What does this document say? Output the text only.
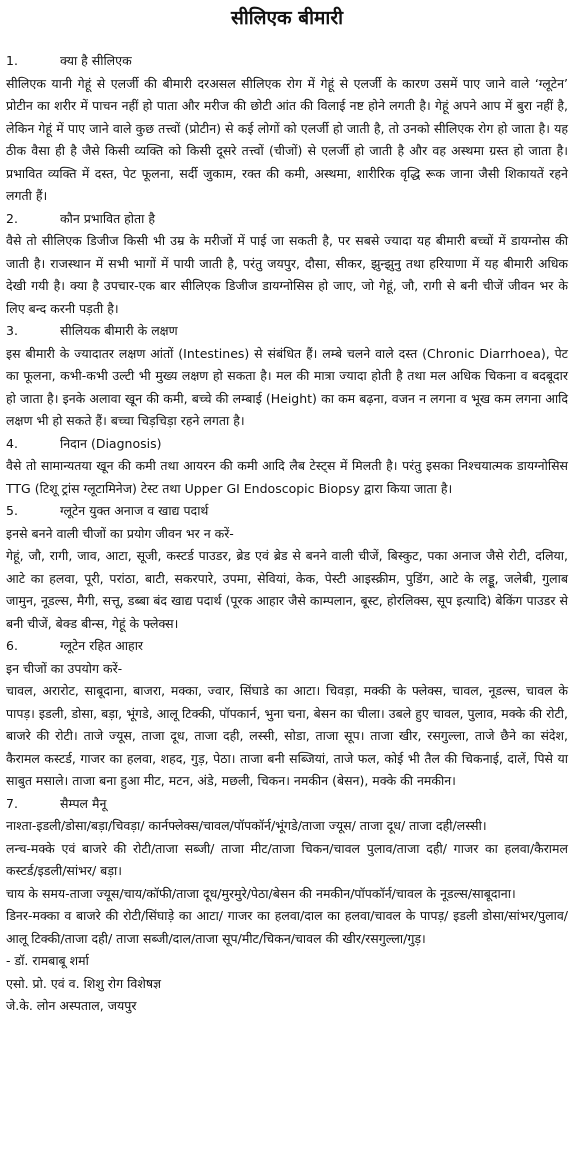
सीलिएक बीमारी
1.	क्या है सीलिएक

सीलिएक यानी गेहूं से एलर्जी की बीमारी दरअसल सीलिएक रोग में गेहूं से एलर्जी के कारण उसमें पाए जाने वाले ‘ग्लूटेन’ प्रोटीन का शरीर में पाचन नहीं हो पाता और मरीज की छोटी आंत की विलाई नष्ट होने लगती है। गेहूं अपने आप में बुरा नहीं है, लेकिन गेहूं में पाए जाने वाले कुछ तत्त्वों (प्रोटीन) से कई लोगों को एलर्जी हो जाती है, तो उनको सीलिएक रोग हो जाता है। यह ठीक वैसा ही है जैसे किसी व्यक्ति को किसी दूसरे तत्त्वों (चीजों) से एलर्जी हो जाती है और वह अस्थमा ग्रस्त हो जाता है। प्रभावित व्यक्ति में दस्त, पेट फूलना, सर्दी जुकाम, रक्त की कमी, अस्थमा, शारीरिक वृद्धि रूक जाना जैसी शिकायतें रहने लगती हैं।

2.	कौन प्रभावित होता है

वैसे तो सीलिएक डिजीज किसी भी उम्र के मरीजों में पाई जा सकती है, पर सबसे ज्यादा यह बीमारी बच्चों में डायग्नोस की जाती है। राजस्थान में सभी भागों में पायी जाती है, परंतु जयपुर, दौसा, सीकर, झुन्झुनु तथा हरियाणा में यह बीमारी अधिक देखी गयी है। क्या है उपचार-एक बार सीलिएक डिजीज डायग्नोसिस हो जाए, जो गेहूं, जौ, रागी से बनी चीजें जीवन भर के लिए बन्द करनी पड़ती है।

3.	सीलियक बीमारी के लक्षण

इस बीमारी के ज्यादातर लक्षण आंतों (Intestines) से संबंधित हैं। लम्बे चलने वाले दस्त (Chronic Diarrhoea), पेट का फूलना, कभी-कभी उल्टी भी मुख्य लक्षण हो सकता है। मल की मात्रा ज्यादा होती है तथा मल अधिक चिकना व बदबूदार हो जाता है। इनके अलावा खून की कमी, बच्चे की लम्बाई (Height) का कम बढ़ना, वजन न लगना व भूख कम लगना आदि लक्षण भी हो सकते हैं। बच्चा चिड़चिड़ा रहने लगता है।

4.	निदान (Diagnosis)

वैसे तो सामान्यतया खून की कमी तथा आयरन की कमी आदि लैब टेस्ट्स में मिलती है। परंतु इसका निश्चयात्मक डायग्नोसिस TTG (टिशू ट्रांस ग्लूटामिनेज) टेस्ट तथा Upper GI Endoscopic Biopsy द्वारा किया जाता है।

5.	ग्लूटेन युक्त अनाज व खाद्य पदार्थ

इनसे बनने वाली चीजों का प्रयोग जीवन भर न करें-

गेहूं, जौ, रागी, जाव, आटा, सूजी, कस्टर्ड पाउडर, ब्रेड एवं ब्रेड से बनने वाली चीजें, बिस्कुट, पका अनाज जैसे रोटी, दलिया, आटे का हलवा, पूरी, परांठा, बाटी, सकरपारे, उपमा, सेवियां, केक, पेस्टी आइस्क्रीम, पुडिंग, आटे के लड्डू, जलेबी, गुलाब जामुन, नूडल्स, मैगी, सत्तू, डब्बा बंद खाद्य पदार्थ (पूरक आहार जैसे काम्पलान, बूस्ट, होरलिक्स, सूप इत्यादि) बेकिंग पाउडर से बनी चीजें, बेक्ड बीन्स, गेहूं के फ्लेक्स।

6.	ग्लूटेन रहित आहार

इन चीजों का उपयोग करें-

चावल, अरारोट, साबूदाना, बाजरा, मक्का, ज्वार, सिंघाडे का आटा। चिवड़ा, मक्की के फ्लेक्स, चावल, नूडल्स, चावल के पापड़। इडली, डोसा, बड़ा, भूंगडे, आलू टिक्की, पॉपकार्न, भुना चना, बेसन का चीला। उबले हुए चावल, पुलाव, मक्के की रोटी, बाजरे की रोटी। ताजे ज्यूस, ताजा दूध, ताजा दही, लस्सी, सोडा, ताजा सूप। ताजा खीर, रसगुल्ला, ताजे छैने का संदेश, कैरामल कस्टर्ड, गाजर का हलवा, शहद, गुड़, पेठा। ताजा बनी सब्जियां, ताजे फल, कोई भी तैल की चिकनाई, दालें, पिसे या साबुत मसाले। ताजा बना हुआ मीट, मटन, अंडे, मछली, चिकन। नमकीन (बेसन), मक्के की नमकीन।

7.	सैम्पल मैनू

नाश्ता-इडली/डोसा/बड़ा/चिवड़ा/ कार्नफ्लेक्स/चावल/पॉपकॉर्न/भूंगडे/ताजा ज्यूस/ ताजा दूध/ ताजा दही/लस्सी।

लन्च-मक्के एवं बाजरे की रोटी/ताजा सब्जी/ ताजा मीट/ताजा चिकन/चावल पुलाव/ताजा दही/ गाजर का हलवा/कैरामल कस्टर्ड/इडली/सांभर/ बड़ा।

चाय के समय-ताजा ज्यूस/चाय/कॉफी/ताजा दूध/मुरमुरे/पेठा/बेसन की नमकीन/पॉपकॉर्न/चावल के नूडल्स/साबूदाना।

डिनर-मक्का व बाजरे की रोटी/सिंघाड़े का आटा/ गाजर का हलवा/दाल का हलवा/चावल के पापड़/ इडली डोसा/सांभर/पुलाव/आलू टिक्की/ताजा दही/ ताजा सब्जी/दाल/ताजा सूप/मीट/चिकन/चावल की खीर/रसगुल्ला/गुड़।

- डॉ. रामबाबू शर्मा

एसो. प्रो. एवं व. शिशु रोग विशेषज्ञ

जे.के. लोन अस्पताल, जयपुर
